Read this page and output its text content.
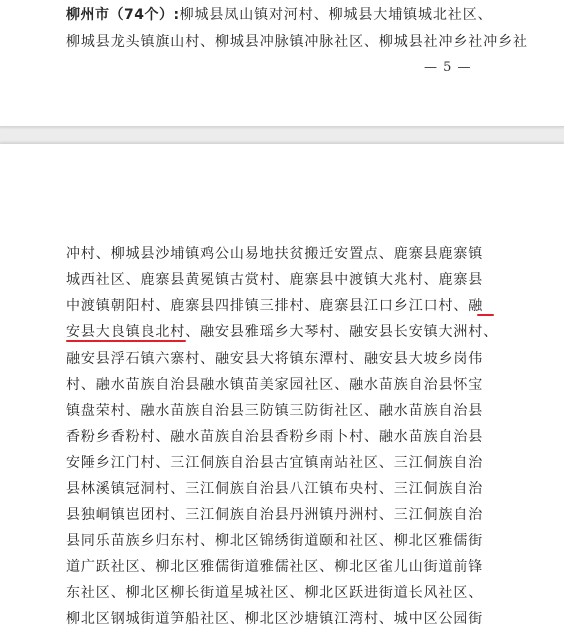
柳州市（74个）:柳城县凤山镇对河村、柳城县大埔镇城北社区、
柳城县龙头镇旗山村、柳城县冲脉镇冲脉社区、柳城县社冲乡社冲乡社
— 5 —
冲村、柳城县沙埔镇鸡公山易地扶贫搬迁安置点、鹿寨县鹿寨镇
城西社区、鹿寨县黄冕镇古赏村、鹿寨县中渡镇大兆村、鹿寨县
中渡镇朝阳村、鹿寨县四排镇三排村、鹿寨县江口乡江口村、融
安县大良镇良北村、融安县雅瑶乡大琴村、融安县长安镇大洲村、
融安县浮石镇六寨村、融安县大将镇东潭村、融安县大坡乡岗伟
村、融水苗族自治县融水镇苗美家园社区、融水苗族自治县怀宝
镇盘荣村、融水苗族自治县三防镇三防街社区、融水苗族自治县
香粉乡香粉村、融水苗族自治县香粉乡雨卜村、融水苗族自治县
安陲乡江门村、三江侗族自治县古宜镇南站社区、三江侗族自治
县林溪镇冠洞村、三江侗族自治县八江镇布央村、三江侗族自治
县独峒镇岜团村、三江侗族自治县丹洲镇丹洲村、三江侗族自治
县同乐苗族乡归东村、柳北区锦绣街道颐和社区、柳北区雅儒街
道广跃社区、柳北区雅儒街道雅儒社区、柳北区雀儿山街道前锋
东社区、柳北区柳长街道星城社区、柳北区跃进街道长风社区、
柳北区钢城街道笋船社区、柳北区沙塘镇江湾村、城中区公园街
